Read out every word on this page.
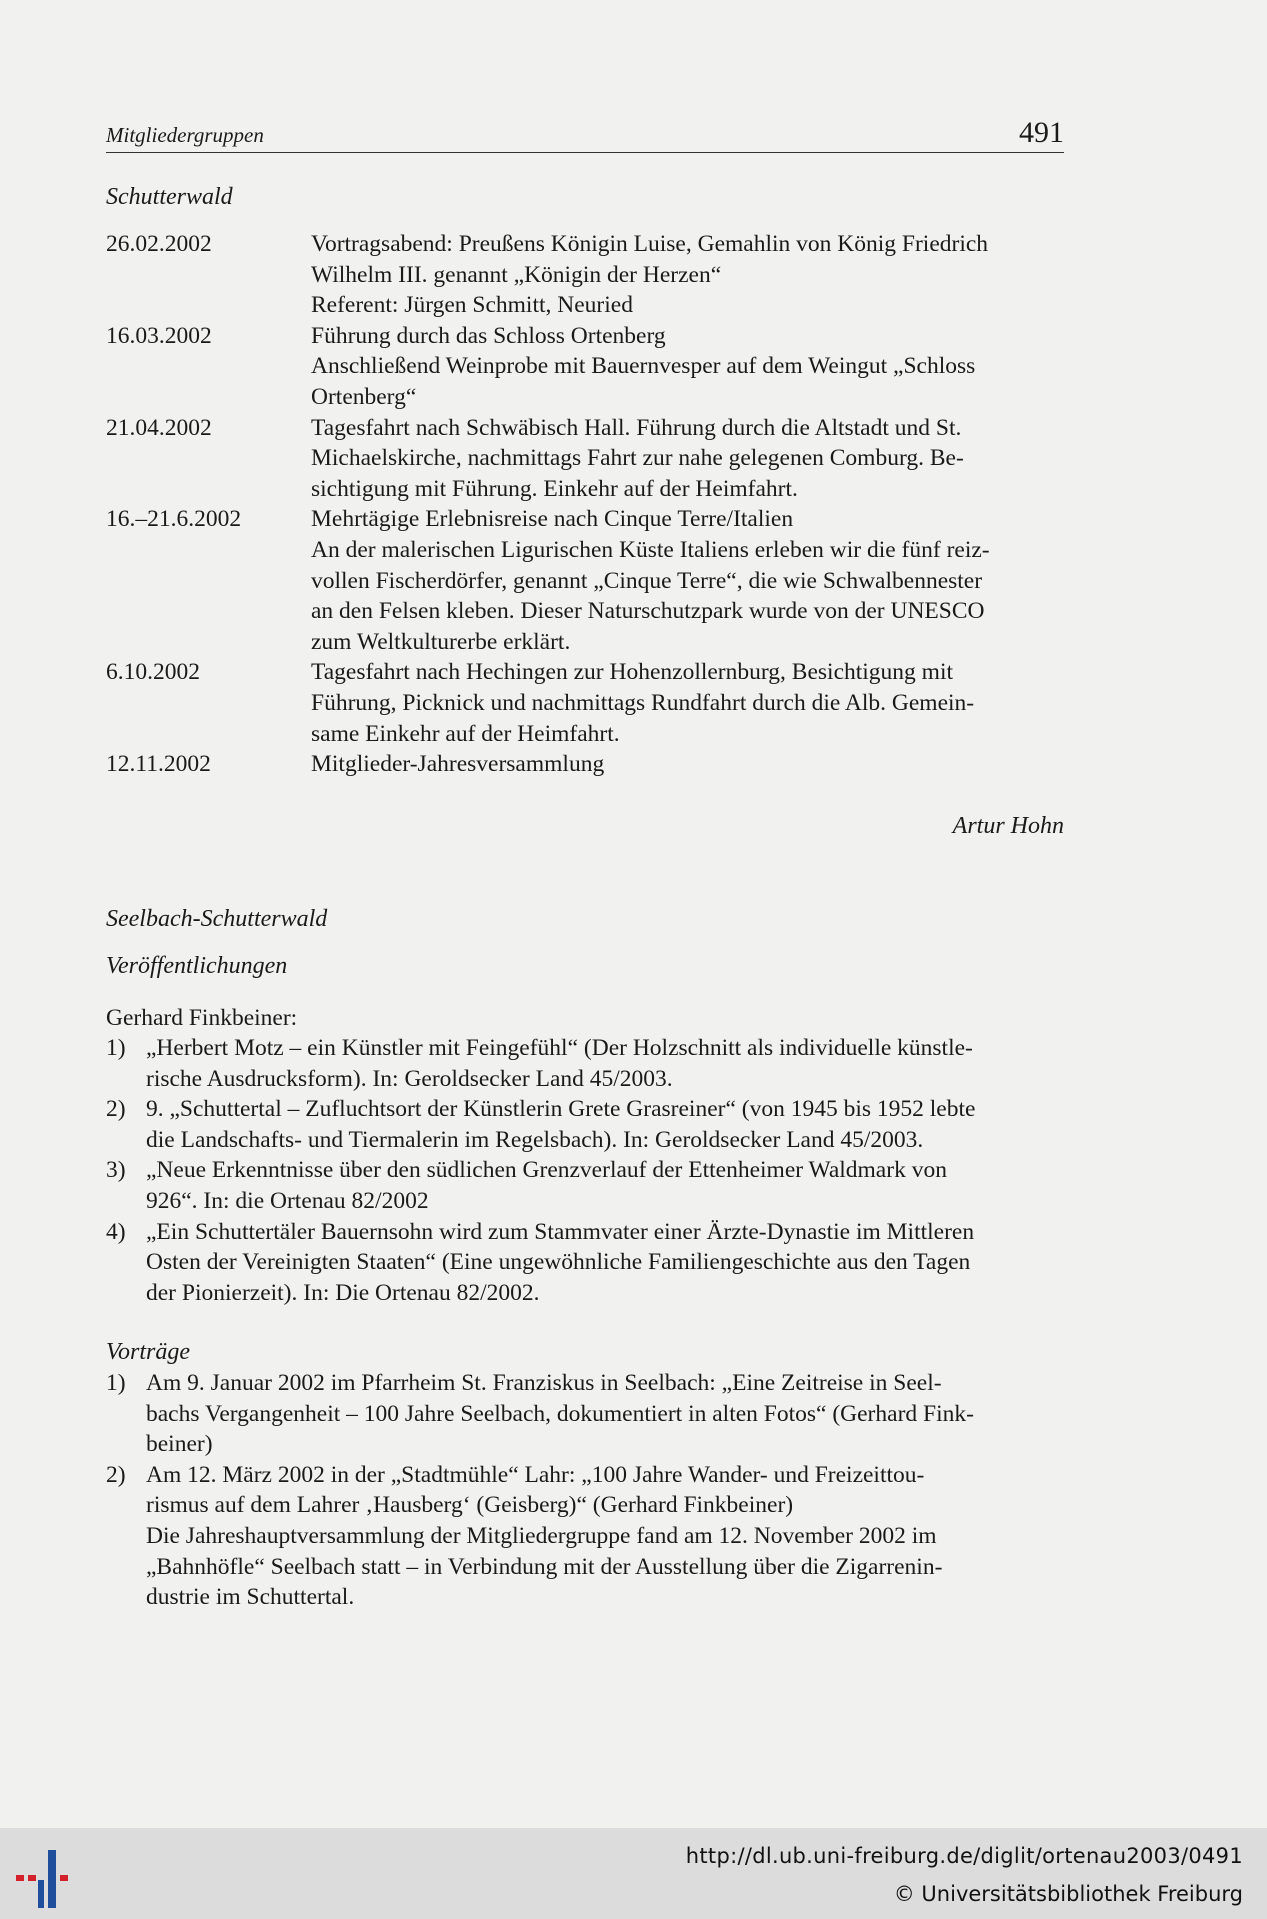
Mitgliedergruppen	491
Schutterwald
26.02.2002	Vortragsabend: Preußens Königin Luise, Gemahlin von König Friedrich
Wilhelm III. genannt „Königin der Herzen“
Referent: Jürgen Schmitt, Neuried
16.03.2002	Führung durch das Schloss Ortenberg
Anschließend Weinprobe mit Bauernvesper auf dem Weingut „Schloss
Ortenberg“
21.04.2002	Tagesfahrt nach Schwäbisch Hall. Führung durch die Altstadt und St.
Michaelskirche, nachmittags Fahrt zur nahe gelegenen Comburg. Be-
sichtigung mit Führung. Einkehr auf der Heimfahrt.
16.–21.6.2002	Mehrtägige Erlebnisreise nach Cinque Terre/Italien
An der malerischen Ligurischen Küste Italiens erleben wir die fünf reiz-
vollen Fischerdörfer, genannt „Cinque Terre“, die wie Schwalbennester
an den Felsen kleben. Dieser Naturschutzpark wurde von der UNESCO
zum Weltkulturerbe erklärt.
6.10.2002	Tagesfahrt nach Hechingen zur Hohenzollernburg, Besichtigung mit
Führung, Picknick und nachmittags Rundfahrt durch die Alb. Gemein-
same Einkehr auf der Heimfahrt.
12.11.2002	Mitglieder-Jahresversammlung
Artur Hohn
Seelbach-Schutterwald
Veröffentlichungen
Gerhard Finkbeiner:
1) „Herbert Motz – ein Künstler mit Feingefühl“ (Der Holzschnitt als individuelle künstle-
rische Ausdrucksform). In: Geroldsecker Land 45/2003.
2) 9. „Schuttertal – Zufluchtsort der Künstlerin Grete Grasreiner“ (von 1945 bis 1952 lebte
die Landschafts- und Tiermalerin im Regelsbach). In: Geroldsecker Land 45/2003.
3) „Neue Erkenntnisse über den südlichen Grenzverlauf der Ettenheimer Waldmark von
926“. In: die Ortenau 82/2002
4) „Ein Schuttertäler Bauernsohn wird zum Stammvater einer Ärzte-Dynastie im Mittleren
Osten der Vereinigten Staaten“ (Eine ungewöhnliche Familiengeschichte aus den Tagen
der Pionierzeit). In: Die Ortenau 82/2002.
Vorträge
1) Am 9. Januar 2002 im Pfarrheim St. Franziskus in Seelbach: „Eine Zeitreise in Seel-
bachs Vergangenheit – 100 Jahre Seelbach, dokumentiert in alten Fotos“ (Gerhard Fink-
beiner)
2) Am 12. März 2002 in der „Stadtmühle“ Lahr: „100 Jahre Wander- und Freizeittou-
rismus auf dem Lahrer ‚Hausberg‘ (Geisberg)“ (Gerhard Finkbeiner)
Die Jahreshauptversammlung der Mitgliedergruppe fand am 12. November 2002 im
„Bahnhöfle“ Seelbach statt – in Verbindung mit der Ausstellung über die Zigarrenin-
dustrie im Schuttertal.
http://dl.ub.uni-freiburg.de/diglit/ortenau2003/0491
© Universitätsbibliothek Freiburg
